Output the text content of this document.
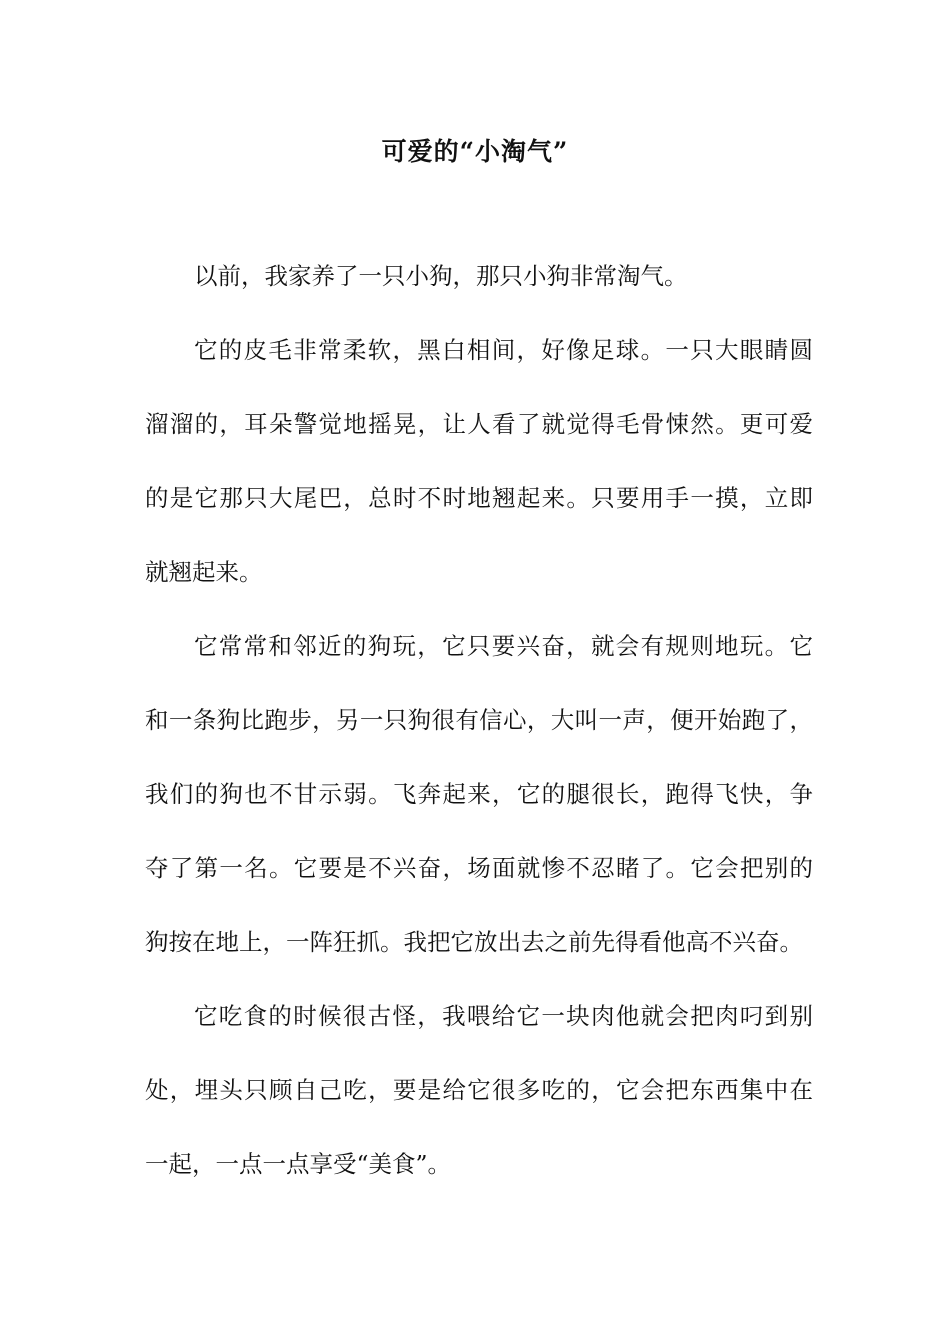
可爱的“小淘气”
以前，我家养了一只小狗，那只小狗非常淘气。
它的皮毛非常柔软，黑白相间，好像足球。一只大眼睛圆
溜溜的，耳朵警觉地摇晃，让人看了就觉得毛骨悚然。更可爱
的是它那只大尾巴，总时不时地翘起来。只要用手一摸，立即
就翘起来。
它常常和邻近的狗玩，它只要兴奋，就会有规则地玩。它
和一条狗比跑步，另一只狗很有信心，大叫一声，便开始跑了，
我们的狗也不甘示弱。飞奔起来，它的腿很长，跑得飞快，争
夺了第一名。它要是不兴奋，场面就惨不忍睹了。它会把别的
狗按在地上，一阵狂抓。我把它放出去之前先得看他高不兴奋。
它吃食的时候很古怪，我喂给它一块肉他就会把肉叼到别
处，埋头只顾自己吃，要是给它很多吃的，它会把东西集中在
一起，一点一点享受“美食”。
